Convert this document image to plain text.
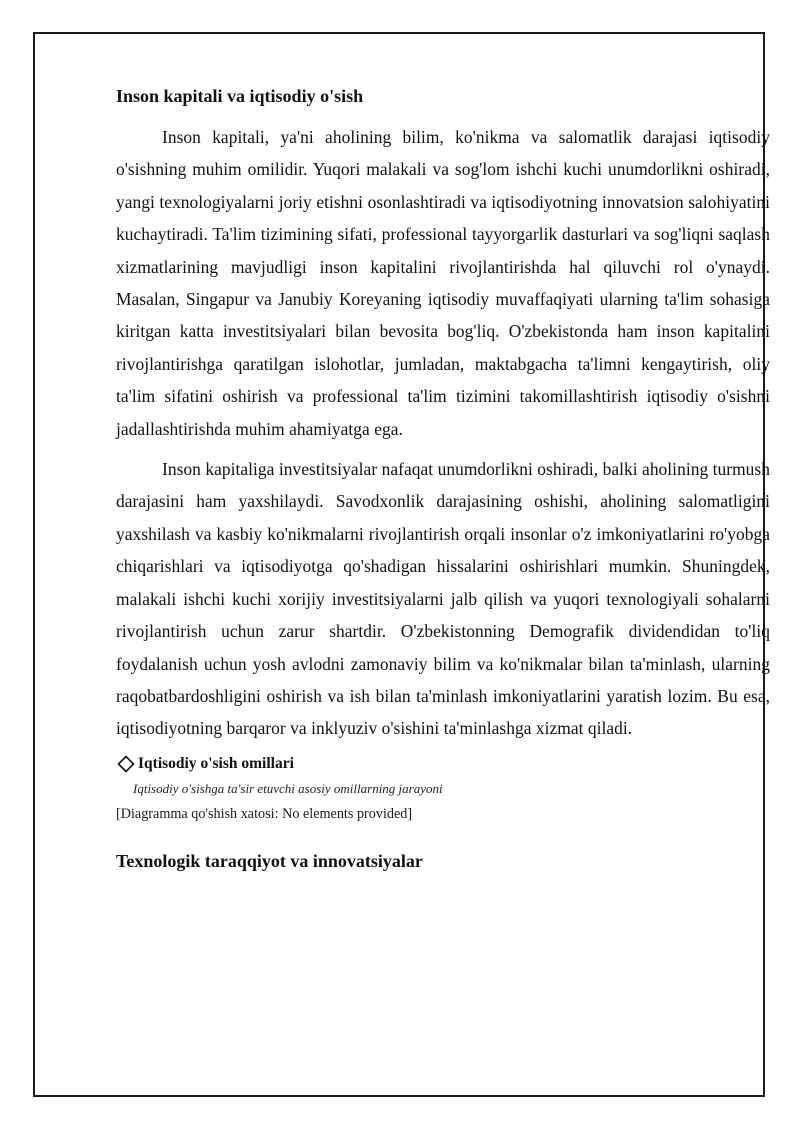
Inson kapitali va iqtisodiy o'sish

Inson kapitali, ya'ni aholining bilim, ko'nikma va salomatlik darajasi iqtisodiy o'sishning muhim omilidir. Yuqori malakali va sog'lom ishchi kuchi unumdorlikni oshiradi, yangi texnologiyalarni joriy etishni osonlashtiradi va iqtisodiyotning innovatsion salohiyatini kuchaytiradi. Ta'lim tizimining sifati, professional tayyorgarlik dasturlari va sog'liqni saqlash xizmatlarining mavjudligi inson kapitalini rivojlantirishda hal qiluvchi rol o'ynaydi. Masalan, Singapur va Janubiy Koreyaning iqtisodiy muvaffaqiyati ularning ta'lim sohasiga kiritgan katta investitsiyalari bilan bevosita bog'liq. O'zbekistonda ham inson kapitalini rivojlantirishga qaratilgan islohotlar, jumladan, maktabgacha ta'limni kengaytirish, oliy ta'lim sifatini oshirish va professional ta'lim tizimini takomillashtirish iqtisodiy o'sishni jadallashtirishda muhim ahamiyatga ega.

Inson kapitaliga investitsiyalar nafaqat unumdorlikni oshiradi, balki aholining turmush darajasini ham yaxshilaydi. Savodxonlik darajasining oshishi, aholining salomatligini yaxshilash va kasbiy ko'nikmalarni rivojlantirish orqali insonlar o'z imkoniyatlarini ro'yobga chiqarishlari va iqtisodiyotga qo'shadigan hissalarini oshirishlari mumkin. Shuningdek, malakali ishchi kuchi xorijiy investitsiyalarni jalb qilish va yuqori texnologiyali sohalarni rivojlantirish uchun zarur shartdir. O'zbekistonning Demografik dividendidan to'liq foydalanish uchun yosh avlodni zamonaviy bilim va ko'nikmalar bilan ta'minlash, ularning raqobatbardoshligini oshirish va ish bilan ta'minlash imkoniyatlarini yaratish lozim. Bu esa, iqtisodiyotning barqaror va inklyuziv o'sishini ta'minlashga xizmat qiladi.

Iqtisodiy o'sish omillari
Iqtisodiy o'sishga ta'sir etuvchi asosiy omillarning jarayoni
[Diagramma qo'shish xatosi: No elements provided]
Texnologik taraqqiyot va innovatsiyalar
